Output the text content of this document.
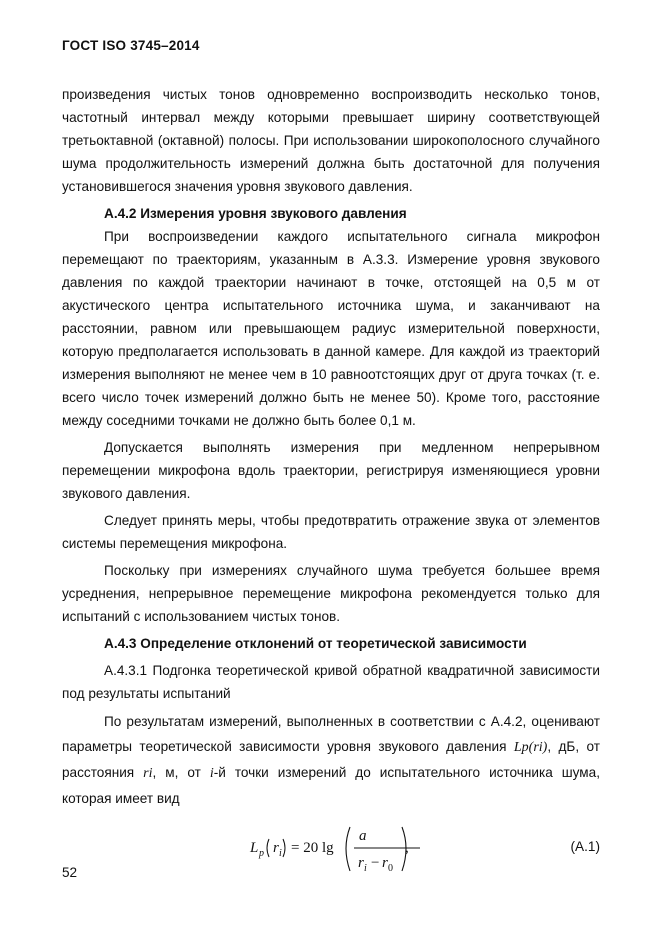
ГОСТ ISO 3745–2014

произведения чистых тонов одновременно воспроизводить несколько тонов, частотный интервал между которыми превышает ширину соответствующей третьоктавной (октавной) полосы. При использовании широкополосного случайного шума продолжительность измерений должна быть достаточной для получения установившегося значения уровня звукового давления.

А.4.2 Измерения уровня звукового давления

При воспроизведении каждого испытательного сигнала микрофон перемещают по траекториям, указанным в А.3.3. Измерение уровня звукового давления по каждой траектории начинают в точке, отстоящей на 0,5 м от акустического центра испытательного источника шума, и заканчивают на расстоянии, равном или превышающем радиус измерительной поверхности, которую предполагается использовать в данной камере. Для каждой из траекторий измерения выполняют не менее чем в 10 равноотстоящих друг от друга точках (т. е. всего число точек измерений должно быть не менее 50). Кроме того, расстояние между соседними точками не должно быть более 0,1 м.

Допускается выполнять измерения при медленном непрерывном перемещении микрофона вдоль траектории, регистрируя изменяющиеся уровни звукового давления.

Следует принять меры, чтобы предотвратить отражение звука от элементов системы перемещения микрофона.

Поскольку при измерениях случайного шума требуется большее время усреднения, непрерывное перемещение микрофона рекомендуется только для испытаний с использованием чистых тонов.

А.4.3 Определение отклонений от теоретической зависимости

А.4.3.1 Подгонка теоретической кривой обратной квадратичной зависимости под результаты испытаний

По результатам измерений, выполненных в соответствии с А.4.2, оценивают параметры теоретической зависимости уровня звукового давления Lp(ri), дБ, от расстояния ri, м, от i-й точки измерений до испытательного источника шума, которая имеет вид

L p r i = 20 lg
a
r i − r 0
,	(А.1)
52
